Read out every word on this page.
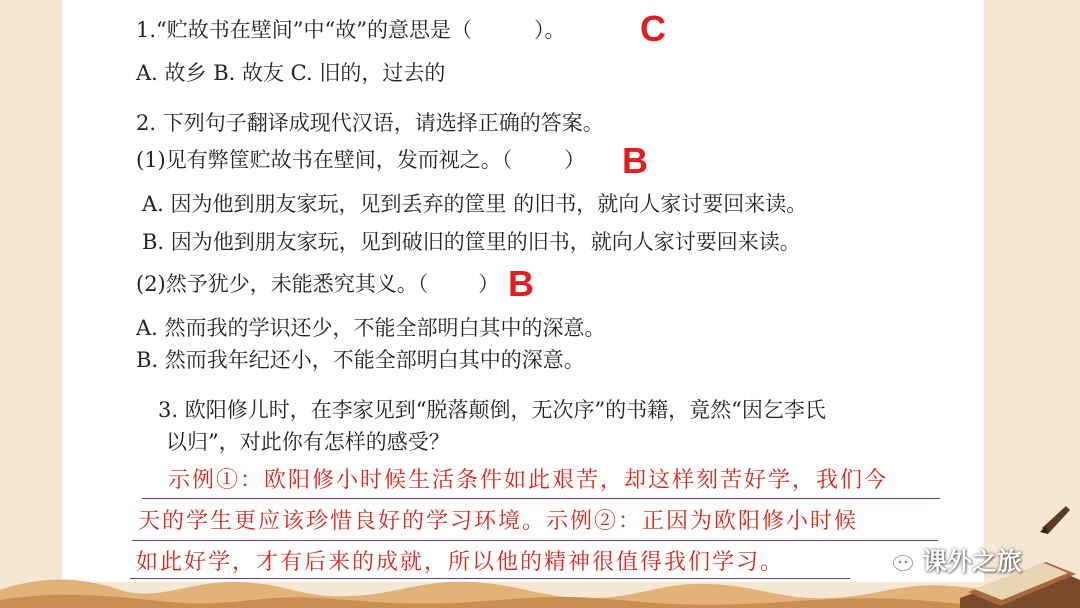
1.“贮故书在壁间”中“故”的意思是（	）。 C
A. 故乡 B. 故友 C. 旧的，过去的
2. 下列句子翻译成现代汉语，请选择正确的答案。
(1)见有弊筐贮故书在壁间，发而视之。（ ） B
A. 因为他到朋友家玩，见到丢弃的筐里 的旧书，就向人家讨要回来读。
B. 因为他到朋友家玩，见到破旧的筐里的旧书，就向人家讨要回来读。
(2)然予犹少，未能悉究其义。（ ） B
A. 然而我的学识还少，不能全部明白其中的深意。
B. 然而我年纪还小，不能全部明白其中的深意。
3. 欧阳修儿时，在李家见到“脱落颠倒，无次序”的书籍，竟然“因乞李氏
以归”，对此你有怎样的感受？
示例①：欧阳修小时候生活条件如此艰苦，却这样刻苦好学，我们今
天的学生更应该珍惜良好的学习环境。示例②：正因为欧阳修小时候
如此好学，才有后来的成就，所以他的精神很值得我们学习。	课外之旅
